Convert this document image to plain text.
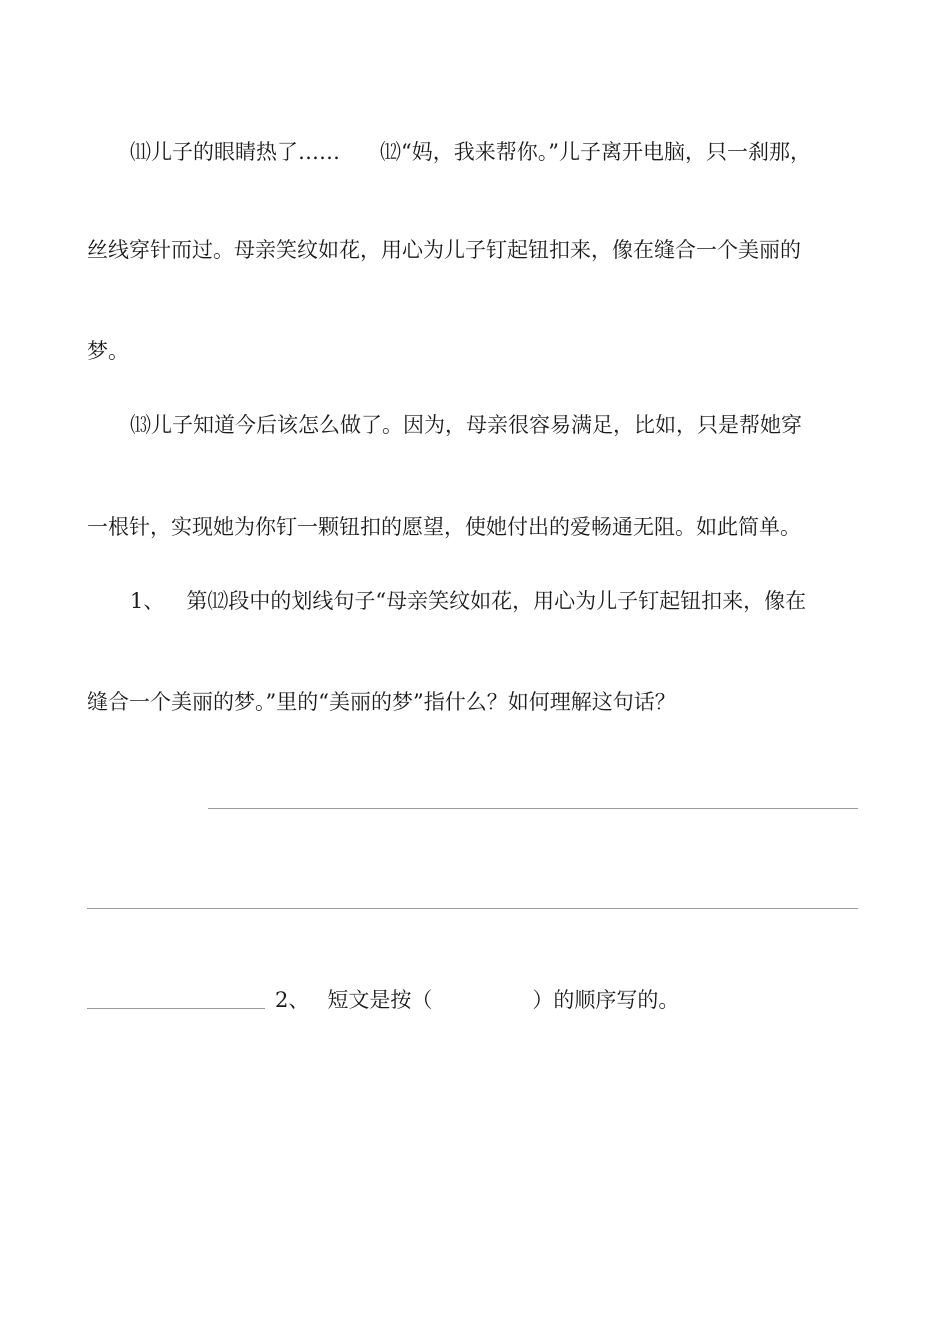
⑾儿子的眼睛热了…… ⑿“妈，我来帮你。”儿子离开电脑，只一刹那，
丝线穿针而过。母亲笑纹如花，用心为儿子钉起钮扣来，像在缝合一个美丽的
梦。
⒀儿子知道今后该怎么做了。因为，母亲很容易满足，比如，只是帮她穿
一根针，实现她为你钉一颗钮扣的愿望，使她付出的爱畅通无阻。如此简单。
1、 第⑿段中的划线句子“母亲笑纹如花，用心为儿子钉起钮扣来，像在
缝合一个美丽的梦。”里的“美丽的梦”指什么？如何理解这句话？
2、 短文是按（	）的顺序写的。
